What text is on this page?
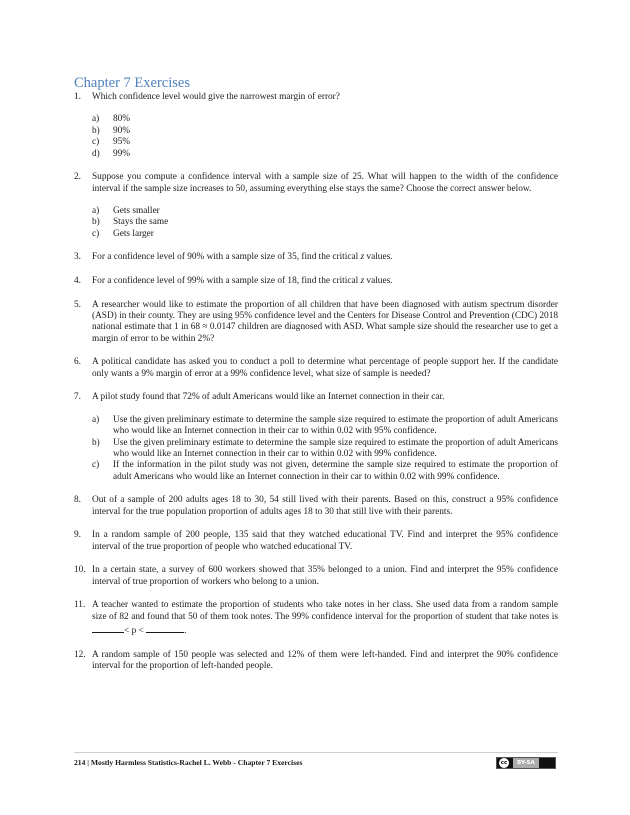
Chapter 7 Exercises
1.	Which confidence level would give the narrowest margin of error?
a)	80%
b)	90%
c)	95%
d)	99%
2.	Suppose you compute a confidence interval with a sample size of 25. What will happen to the width of the confidence interval if the sample size increases to 50, assuming everything else stays the same? Choose the correct answer below.
a)	Gets smaller
b)	Stays the same
c)	Gets larger
3.	For a confidence level of 90% with a sample size of 35, find the critical z values.
4.	For a confidence level of 99% with a sample size of 18, find the critical z values.
5.	A researcher would like to estimate the proportion of all children that have been diagnosed with autism spectrum disorder (ASD) in their county. They are using 95% confidence level and the Centers for Disease Control and Prevention (CDC) 2018 national estimate that 1 in 68 ≈ 0.0147 children are diagnosed with ASD. What sample size should the researcher use to get a margin of error to be within 2%?
6.	A political candidate has asked you to conduct a poll to determine what percentage of people support her. If the candidate only wants a 9% margin of error at a 99% confidence level, what size of sample is needed?
7.	A pilot study found that 72% of adult Americans would like an Internet connection in their car.
a)	Use the given preliminary estimate to determine the sample size required to estimate the proportion of adult Americans who would like an Internet connection in their car to within 0.02 with 95% confidence.
b)	Use the given preliminary estimate to determine the sample size required to estimate the proportion of adult Americans who would like an Internet connection in their car to within 0.02 with 99% confidence.
c)	If the information in the pilot study was not given, determine the sample size required to estimate the proportion of adult Americans who would like an Internet connection in their car to within 0.02 with 99% confidence.
8.	Out of a sample of 200 adults ages 18 to 30, 54 still lived with their parents. Based on this, construct a 95% confidence interval for the true population proportion of adults ages 18 to 30 that still live with their parents.
9.	In a random sample of 200 people, 135 said that they watched educational TV. Find and interpret the 95% confidence interval of the true proportion of people who watched educational TV.
10. In a certain state, a survey of 600 workers showed that 35% belonged to a union. Find and interpret the 95% confidence interval of true proportion of workers who belong to a union.
11. A teacher wanted to estimate the proportion of students who take notes in her class. She used data from a random sample size of 82 and found that 50 of them took notes. The 99% confidence interval for the proportion of student that take notes is < p <	.
12. A random sample of 150 people was selected and 12% of them were left-handed. Find and interpret the 90% confidence interval for the proportion of left-handed people.
214 | Mostly Harmless Statistics-Rachel L. Webb - Chapter 7 Exercises	cc	BY-SA
